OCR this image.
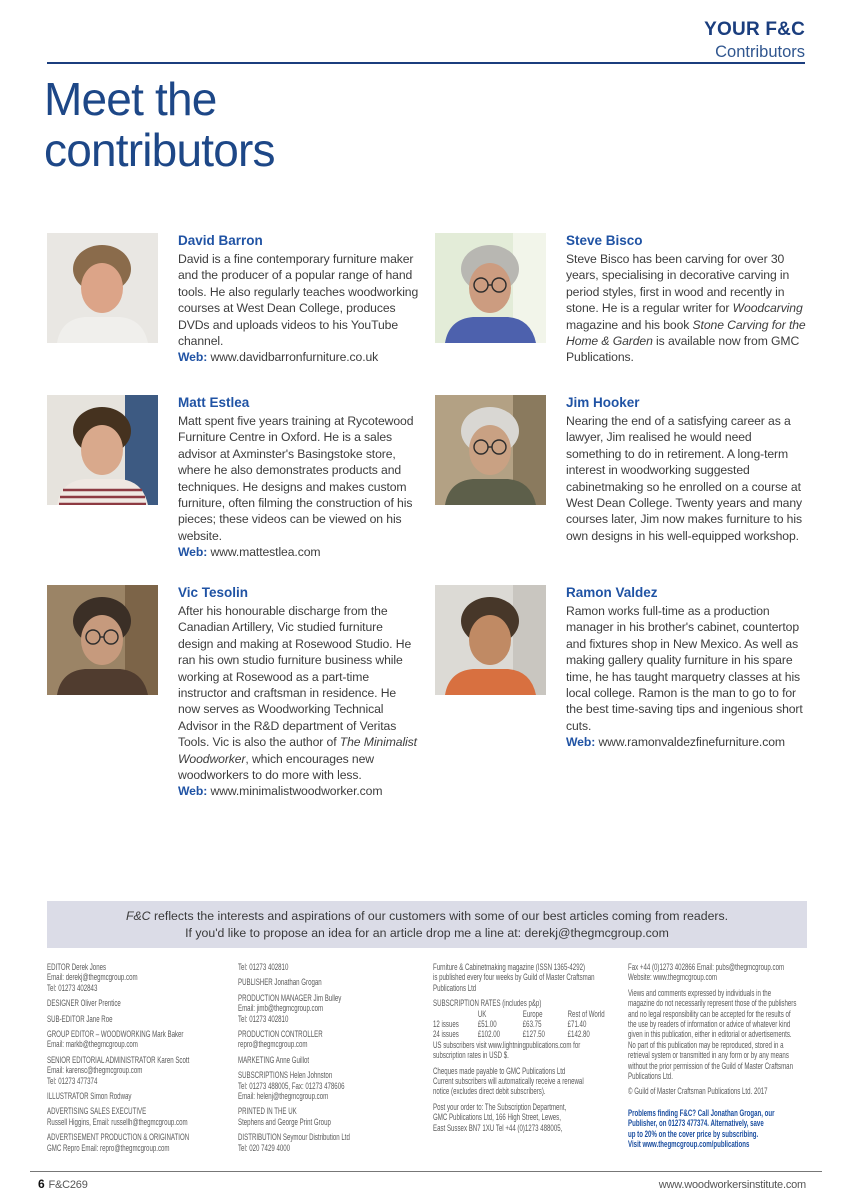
YOUR F&C
Contributors
Meet the
contributors
David Barron
David is a fine contemporary furniture maker and the producer of a popular range of hand tools. He also regularly teaches woodworking courses at West Dean College, produces DVDs and uploads videos to his YouTube channel.
Web: www.davidbarronfurniture.co.uk
Steve Bisco
Steve Bisco has been carving for over 30 years, specialising in decorative carving in period styles, first in wood and recently in stone. He is a regular writer for Woodcarving magazine and his book Stone Carving for the Home & Garden is available now from GMC Publications.
Matt Estlea
Matt spent five years training at Rycotewood Furniture Centre in Oxford. He is a sales advisor at Axminster's Basingstoke store, where he also demonstrates products and techniques. He designs and makes custom furniture, often filming the construction of his pieces; these videos can be viewed on his website.
Web: www.mattestlea.com
Jim Hooker
Nearing the end of a satisfying career as a lawyer, Jim realised he would need something to do in retirement. A long-term interest in woodworking suggested cabinetmaking so he enrolled on a course at West Dean College. Twenty years and many courses later, Jim now makes furniture to his own designs in his well-equipped workshop.
Vic Tesolin
After his honourable discharge from the Canadian Artillery, Vic studied furniture design and making at Rosewood Studio. He ran his own studio furniture business while working at Rosewood as a part-time instructor and craftsman in residence. He now serves as Woodworking Technical Advisor in the R&D department of Veritas Tools. Vic is also the author of The Minimalist Woodworker, which encourages new woodworkers to do more with less.
Web: www.minimalistwoodworker.com
Ramon Valdez
Ramon works full-time as a production manager in his brother's cabinet, countertop and fixtures shop in New Mexico. As well as making gallery quality furniture in his spare time, he has taught marquetry classes at his local college. Ramon is the man to go to for the best time-saving tips and ingenious short cuts.
Web: www.ramonvaldezfinefurniture.com
F&C reflects the interests and aspirations of our customers with some of our best articles coming from readers.
If you'd like to propose an idea for an article drop me a line at: derekj@thegmcgroup.com
EDITOR Derek Jones
Email: derekj@thegmcgroup.com
Tel: 01273 402843
DESIGNER Oliver Prentice
SUB-EDITOR Jane Roe
GROUP EDITOR – WOODWORKING Mark Baker
Email: markb@thegmcgroup.com
SENIOR EDITORIAL ADMINISTRATOR Karen Scott
Email: karensc@thegmcgroup.com
Tel: 01273 477374
ILLUSTRATOR Simon Rodway
ADVERTISING SALES EXECUTIVE
Russell Higgins, Email: russellh@thegmcgroup.com
ADVERTISEMENT PRODUCTION & ORIGINATION
GMC Repro Email: repro@thegmcgroup.com
Tel: 01273 402810
PUBLISHER Jonathan Grogan
PRODUCTION MANAGER Jim Bulley
Email: jimb@thegmcgroup.com
Tel: 01273 402810
PRODUCTION CONTROLLER
repro@thegmcgroup.com
MARKETING Anne Guillot
SUBSCRIPTIONS Helen Johnston
Tel: 01273 488005, Fax: 01273 478606
Email: helenj@thegmcgroup.com
PRINTED IN THE UK
Stephens and George Print Group
DISTRIBUTION Seymour Distribution Ltd
Tel: 020 7429 4000
Furniture & Cabinetmaking magazine (ISSN 1365-4292)
is published every four weeks by Guild of Master Craftsman
Publications Ltd
SUBSCRIPTION RATES (includes p&p)
UK	Europe	Rest of World
12 issues £51.00	£63.75	£71.40
24 issues £102.00	£127.50	£142.80
US subscribers visit www.lightningpublications.com for
subscription rates in USD $.
Cheques made payable to GMC Publications Ltd
Current subscribers will automatically receive a renewal
notice (excludes direct debit subscribers).
Post your order to: The Subscription Department,
GMC Publications Ltd, 166 High Street, Lewes,
East Sussex BN7 1XU Tel +44 (0)1273 488005,
Fax +44 (0)1273 402866 Email: pubs@thegmcgroup.com
Website: www.thegmcgroup.com
Views and comments expressed by individuals in the
magazine do not necessarily represent those of the publishers
and no legal responsibility can be accepted for the results of
the use by readers of information or advice of whatever kind
given in this publication, either in editorial or advertisements.
No part of this publication may be reproduced, stored in a
retrieval system or transmitted in any form or by any means
without the prior permission of the Guild of Master Craftsman
Publications Ltd.
© Guild of Master Craftsman Publications Ltd. 2017
Problems finding F&C? Call Jonathan Grogan, our
Publisher, on 01273 477374. Alternatively, save
up to 20% on the cover price by subscribing.
Visit www.thegmcgroup.com/publications
6 F&C269	www.woodworkersinstitute.com
